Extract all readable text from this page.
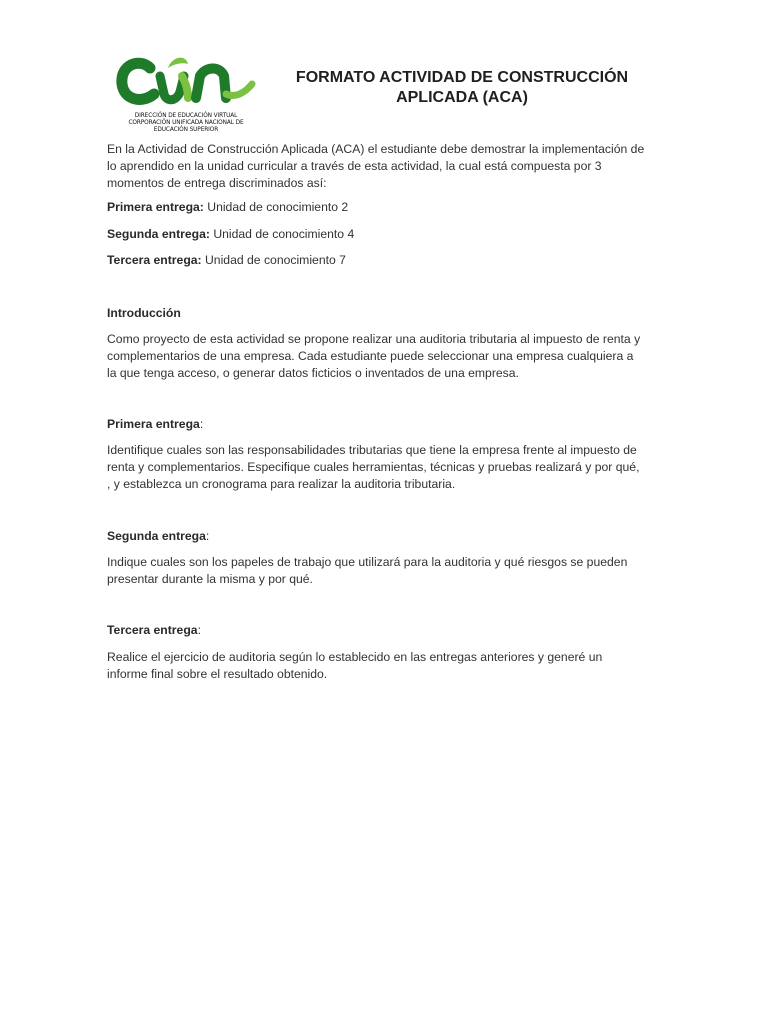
DIRECCIÓN DE EDUCACIÓN VIRTUAL
CORPORACIÓN UNIFICADA NACIONAL DE
EDUCACIÓN SUPERIOR
FORMATO ACTIVIDAD DE CONSTRUCCIÓN
APLICADA (ACA)
En la Actividad de Construcción Aplicada (ACA) el estudiante debe demostrar la implementación de
lo aprendido en la unidad curricular a través de esta actividad, la cual está compuesta por 3
momentos de entrega discriminados así:
Primera entrega: Unidad de conocimiento 2
Segunda entrega: Unidad de conocimiento 4
Tercera entrega: Unidad de conocimiento 7
Introducción
Como proyecto de esta actividad se propone realizar una auditoria tributaria al impuesto de renta y
complementarios de una empresa. Cada estudiante puede seleccionar una empresa cualquiera a
la que tenga acceso, o generar datos ficticios o inventados de una empresa.
Primera entrega:
Identifique cuales son las responsabilidades tributarias que tiene la empresa frente al impuesto de
renta y complementarios. Especifique cuales herramientas, técnicas y pruebas realizará y por qué,
, y establezca un cronograma para realizar la auditoria tributaria.
Segunda entrega:
Indique cuales son los papeles de trabajo que utilizará para la auditoria y qué riesgos se pueden
presentar durante la misma y por qué.
Tercera entrega:
Realice el ejercicio de auditoria según lo establecido en las entregas anteriores y generé un
informe final sobre el resultado obtenido.
